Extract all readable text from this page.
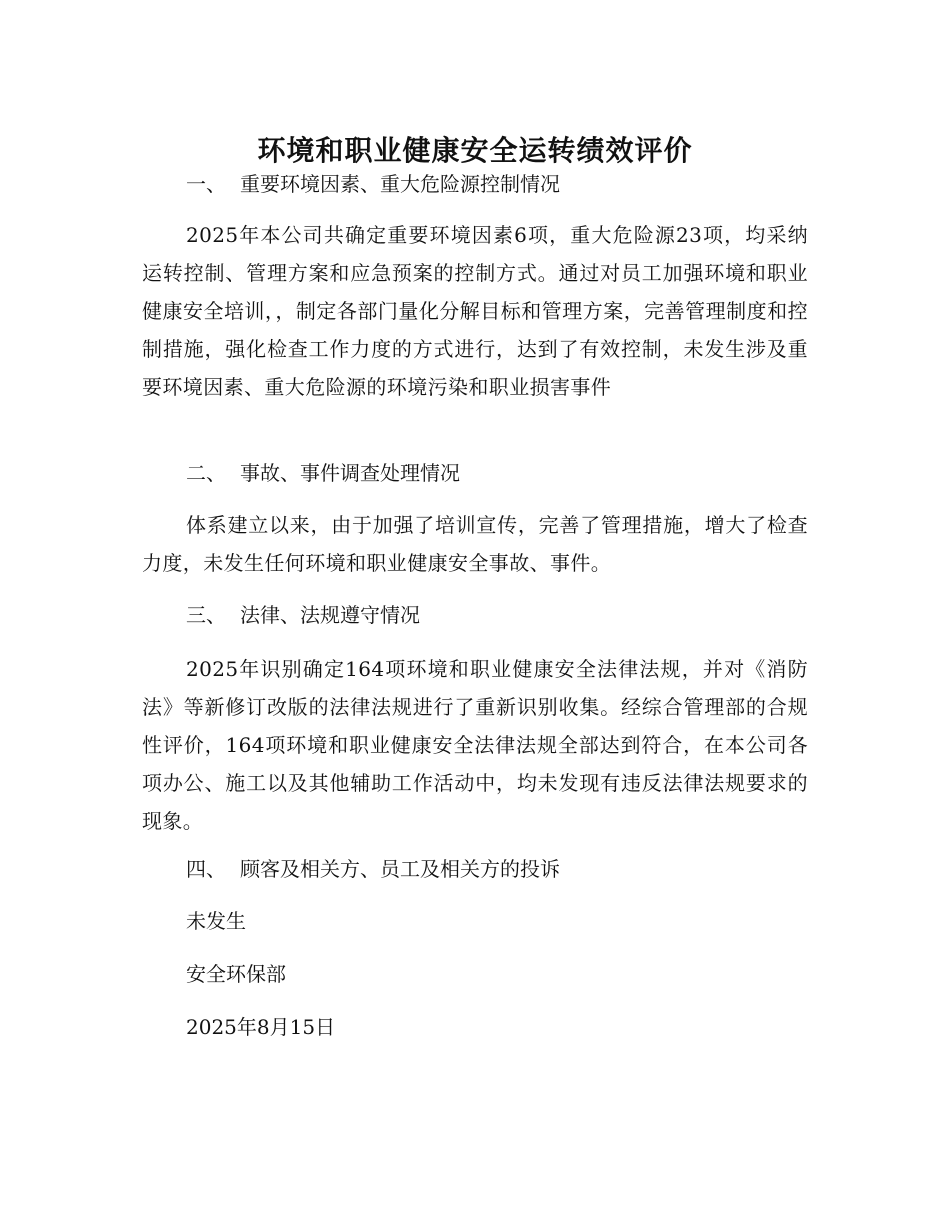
环境和职业健康安全运转绩效评价
一、 重要环境因素、重大危险源控制情况

2025年本公司共确定重要环境因素6项，重大危险源23项，均采纳运转控制、管理方案和应急预案的控制方式。通过对员工加强环境和职业健康安全培训，，制定各部门量化分解目标和管理方案，完善管理制度和控制措施，强化检查工作力度的方式进行，达到了有效控制，未发生涉及重要环境因素、重大危险源的环境污染和职业损害事件

二、 事故、事件调查处理情况

体系建立以来，由于加强了培训宣传，完善了管理措施，增大了检查力度，未发生任何环境和职业健康安全事故、事件。

三、 法律、法规遵守情况

2025年识别确定164项环境和职业健康安全法律法规，并对《消防法》等新修订改版的法律法规进行了重新识别收集。经综合管理部的合规性评价，164项环境和职业健康安全法律法规全部达到符合，在本公司各项办公、施工以及其他辅助工作活动中，均未发现有违反法律法规要求的现象。

四、 顾客及相关方、员工及相关方的投诉
未发生
安全环保部
2025年8月15日
